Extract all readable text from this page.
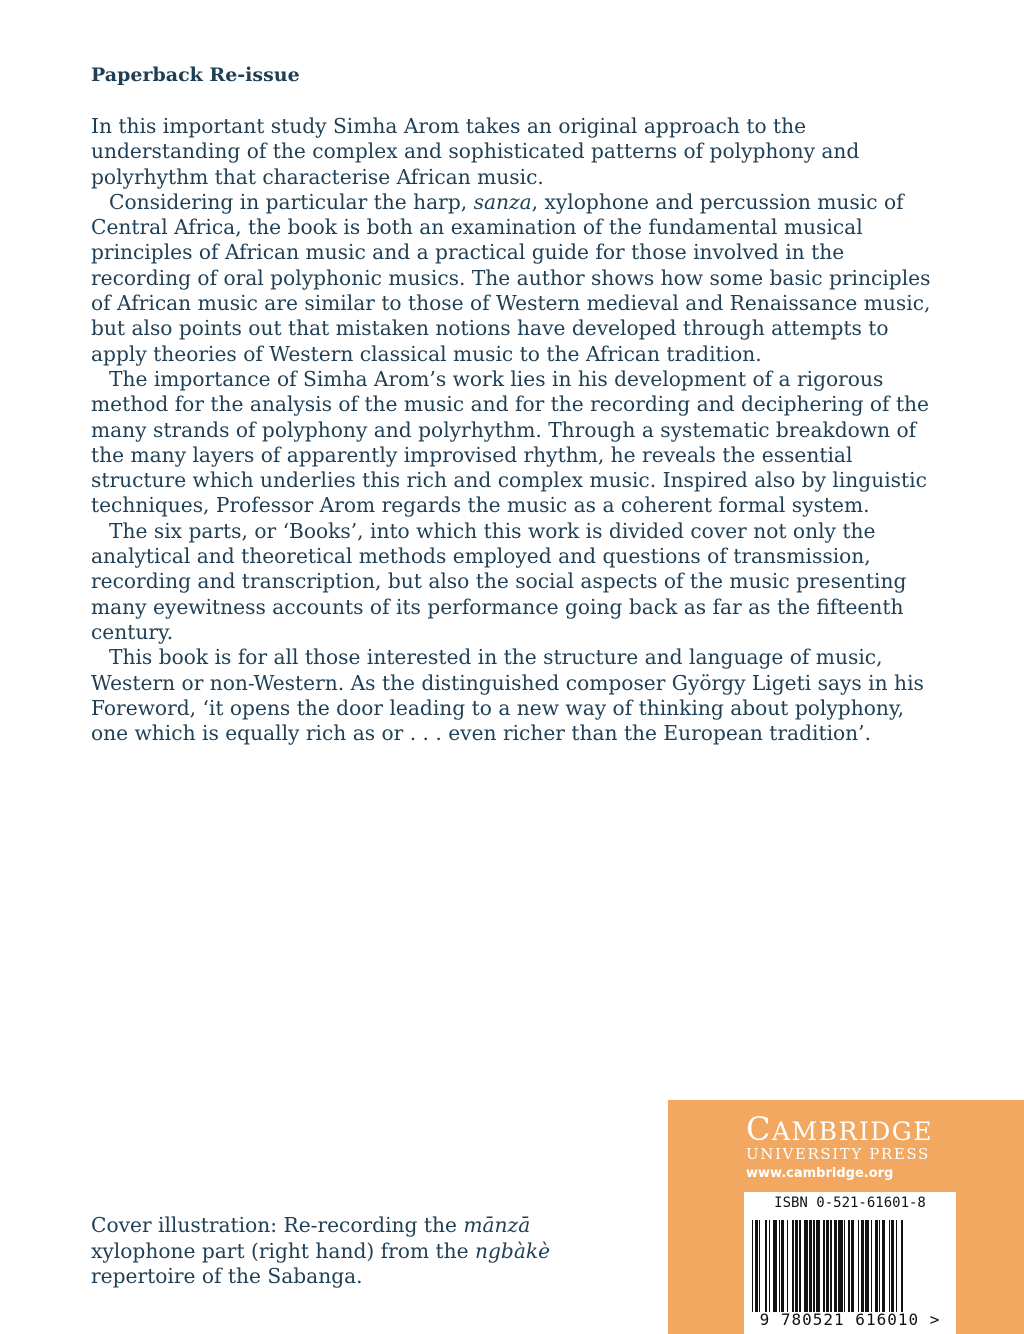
Paperback Re-issue

In this important study Simha Arom takes an original approach to the understanding of the complex and sophisticated patterns of polyphony and polyrhythm that characterise African music.

Considering in particular the harp, sanza, xylophone and percussion music of Central Africa, the book is both an examination of the fundamental musical principles of African music and a practical guide for those involved in the recording of oral polyphonic musics. The author shows how some basic principles of African music are similar to those of Western medieval and Renaissance music, but also points out that mistaken notions have developed through attempts to apply theories of Western classical music to the African tradition.

The importance of Simha Arom’s work lies in his development of a rigorous method for the analysis of the music and for the recording and deciphering of the many strands of polyphony and polyrhythm. Through a systematic breakdown of the many layers of apparently improvised rhythm, he reveals the essential structure which underlies this rich and complex music. Inspired also by linguistic techniques, Professor Arom regards the music as a coherent formal system.

The six parts, or ‘Books’, into which this work is divided cover not only the analytical and theoretical methods employed and questions of transmission, recording and transcription, but also the social aspects of the music presenting many eyewitness accounts of its performance going back as far as the fifteenth century.

This book is for all those interested in the structure and language of music, Western or non-Western. As the distinguished composer György Ligeti says in his Foreword, ‘it opens the door leading to a new way of thinking about polyphony, one which is equally rich as or . . . even richer than the European tradition’.

Cover illustration: Re-recording the mānzā xylophone part (right hand) from the ngbàkè repertoire of the Sabanga.
CAMBRIDGE
UNIVERSITY PRESS
www.cambridge.org
ISBN 0-521-61601-8
9 780521 616010 >
